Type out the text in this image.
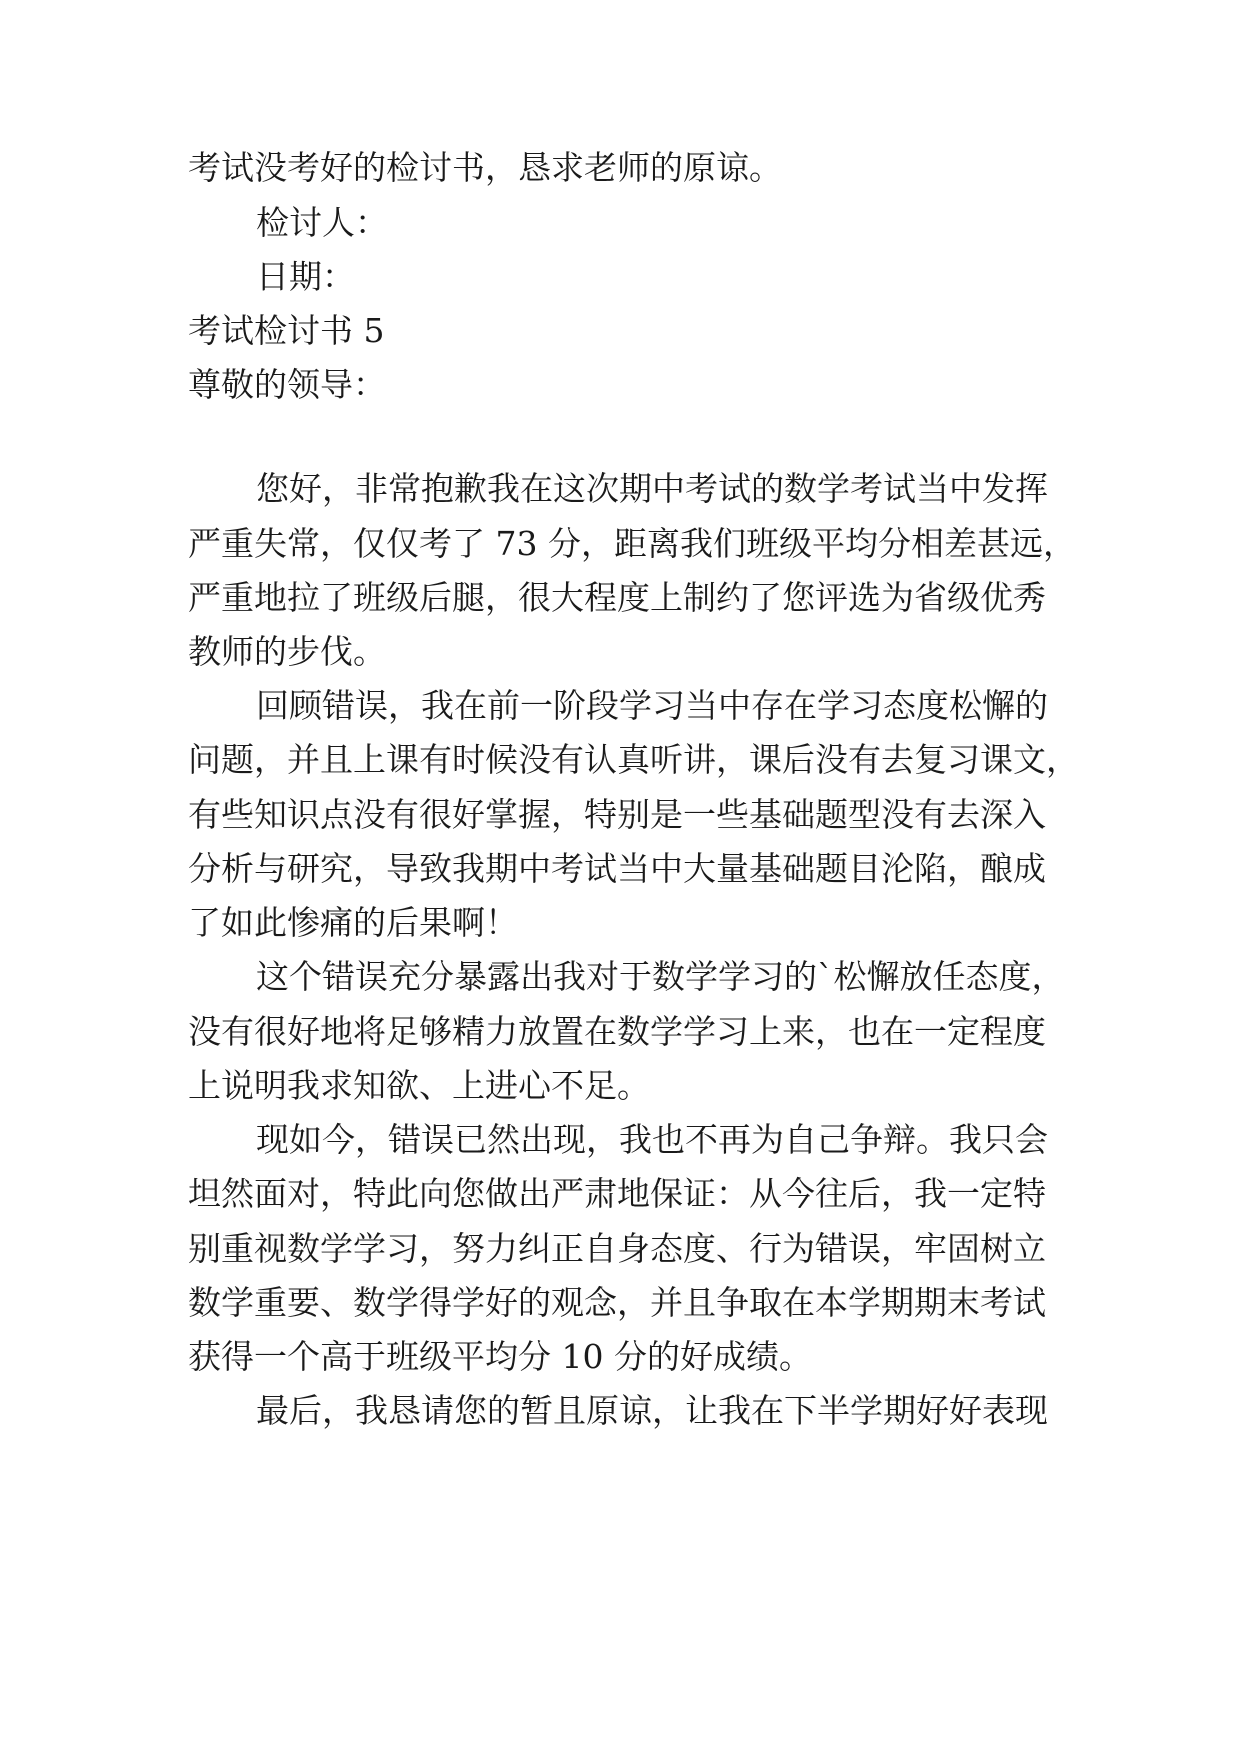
考试没考好的检讨书，恳求老师的原谅。

检讨人：

日期：

考试检讨书 5

尊敬的领导：

您好，非常抱歉我在这次期中考试的数学考试当中发挥

严重失常，仅仅考了 73 分，距离我们班级平均分相差甚远，

严重地拉了班级后腿，很大程度上制约了您评选为省级优秀

教师的步伐。

回顾错误，我在前一阶段学习当中存在学习态度松懈的

问题，并且上课有时候没有认真听讲，课后没有去复习课文，

有些知识点没有很好掌握，特别是一些基础题型没有去深入

分析与研究，导致我期中考试当中大量基础题目沦陷，酿成

了如此惨痛的后果啊！

这个错误充分暴露出我对于数学学习的`松懈放任态度，

没有很好地将足够精力放置在数学学习上来，也在一定程度

上说明我求知欲、上进心不足。

现如今，错误已然出现，我也不再为自己争辩。我只会

坦然面对，特此向您做出严肃地保证：从今往后，我一定特

别重视数学学习，努力纠正自身态度、行为错误，牢固树立

数学重要、数学得学好的观念，并且争取在本学期期末考试

获得一个高于班级平均分 10 分的好成绩。

最后，我恳请您的暂且原谅，让我在下半学期好好表现
